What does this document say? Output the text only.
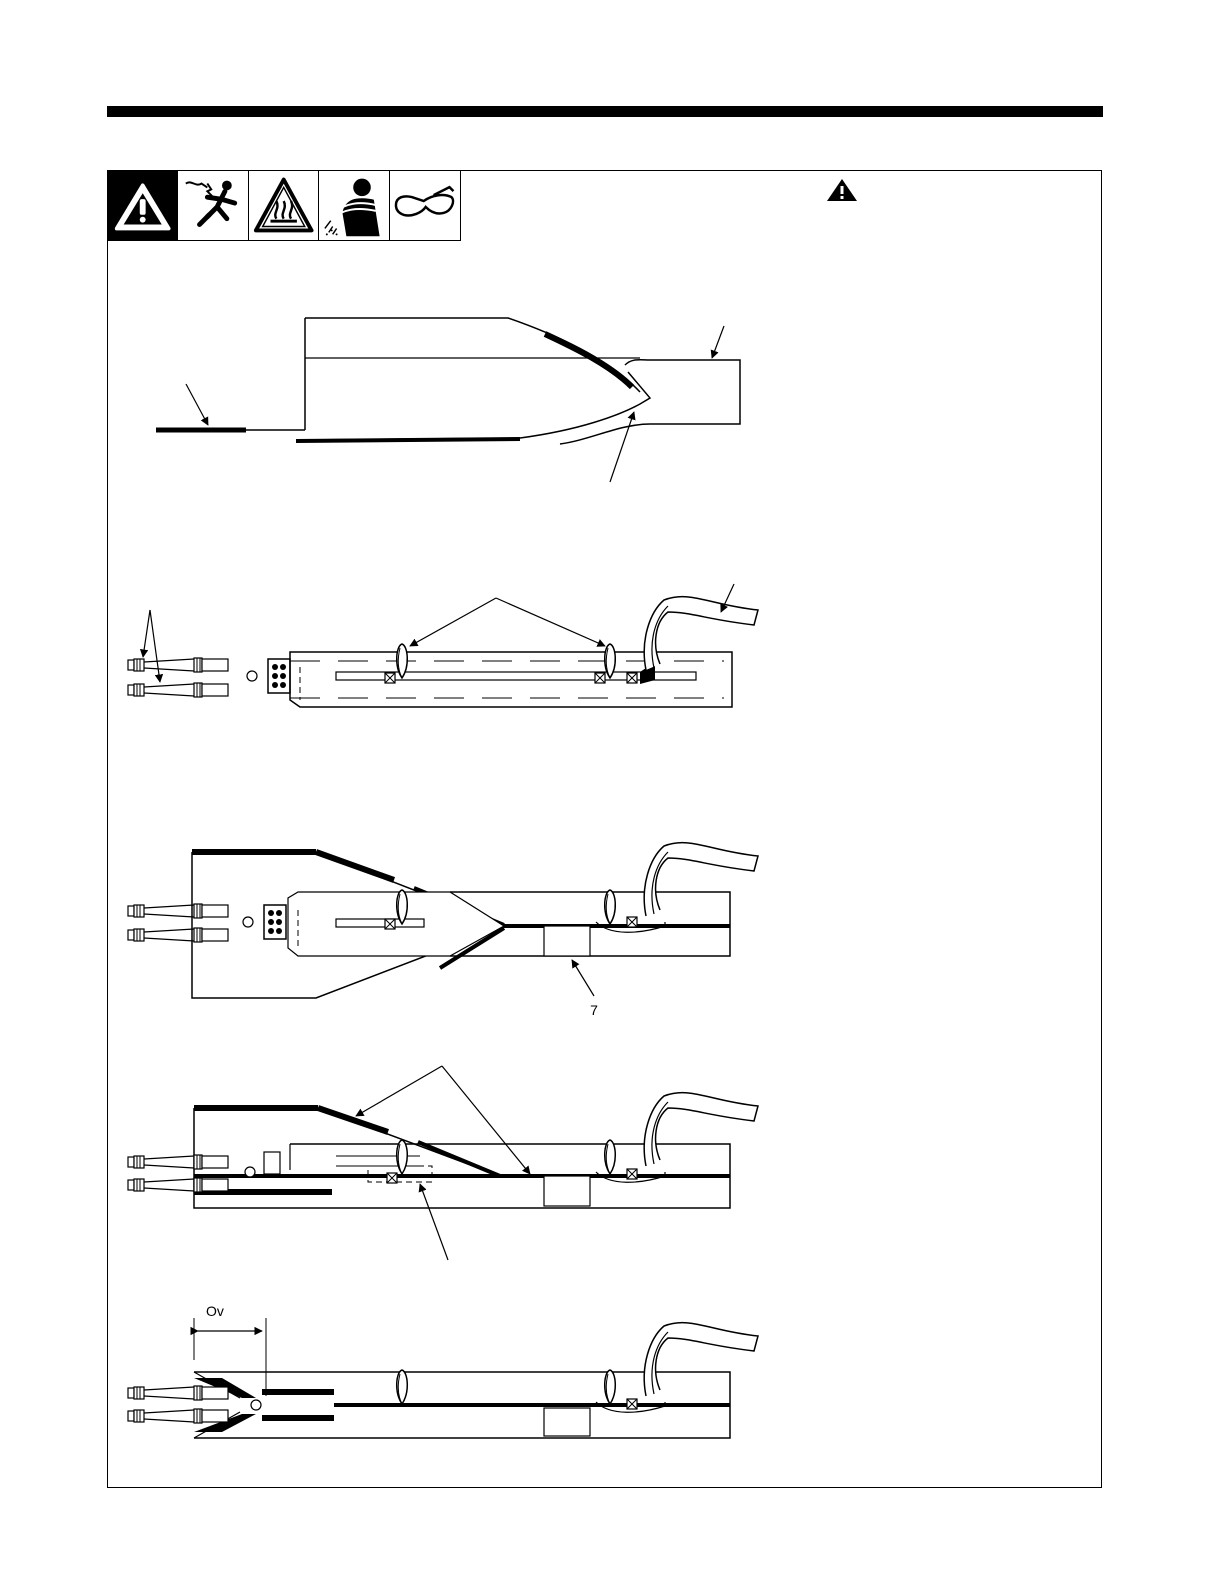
7
Ov
